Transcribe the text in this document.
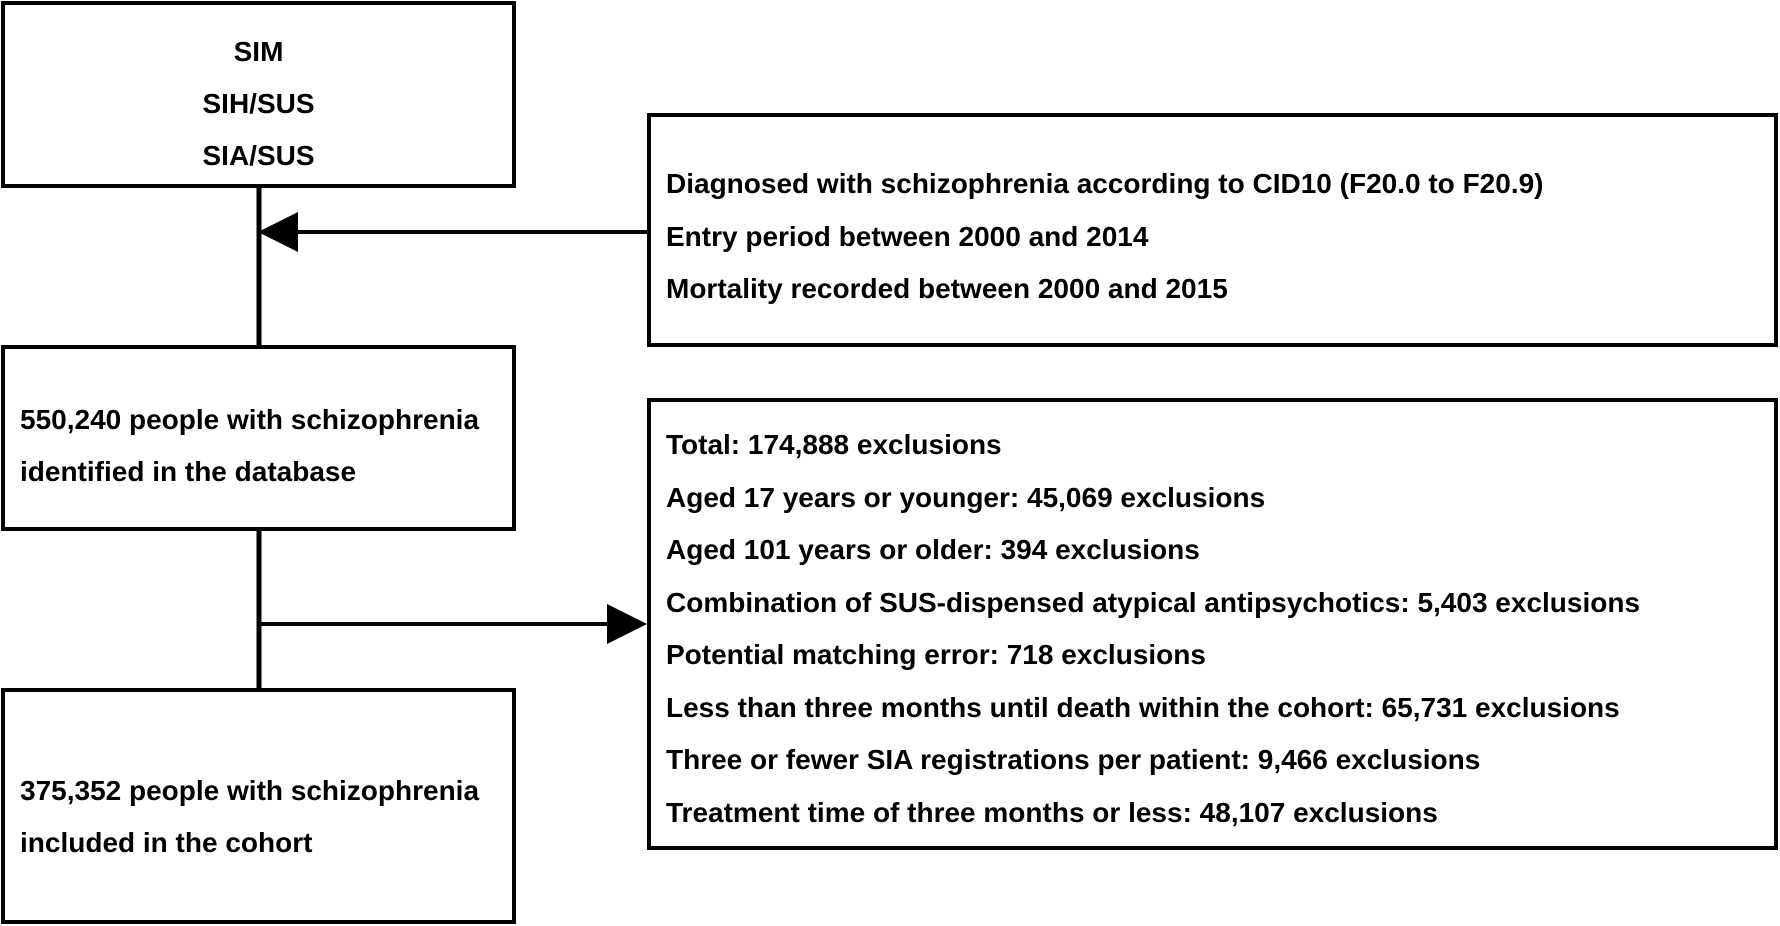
SIM
SIH/SUS
SIA/SUS
Diagnosed with schizophrenia according to CID10 (F20.0 to F20.9)
Entry period between 2000 and 2014
Mortality recorded between 2000 and 2015
550,240 people with schizophrenia
identified in the database
Total: 174,888 exclusions
Aged 17 years or younger: 45,069 exclusions
Aged 101 years or older: 394 exclusions
Combination of SUS-dispensed atypical antipsychotics: 5,403 exclusions
Potential matching error: 718 exclusions
Less than three months until death within the cohort: 65,731 exclusions
Three or fewer SIA registrations per patient: 9,466 exclusions
Treatment time of three months or less: 48,107 exclusions
375,352 people with schizophrenia
included in the cohort
